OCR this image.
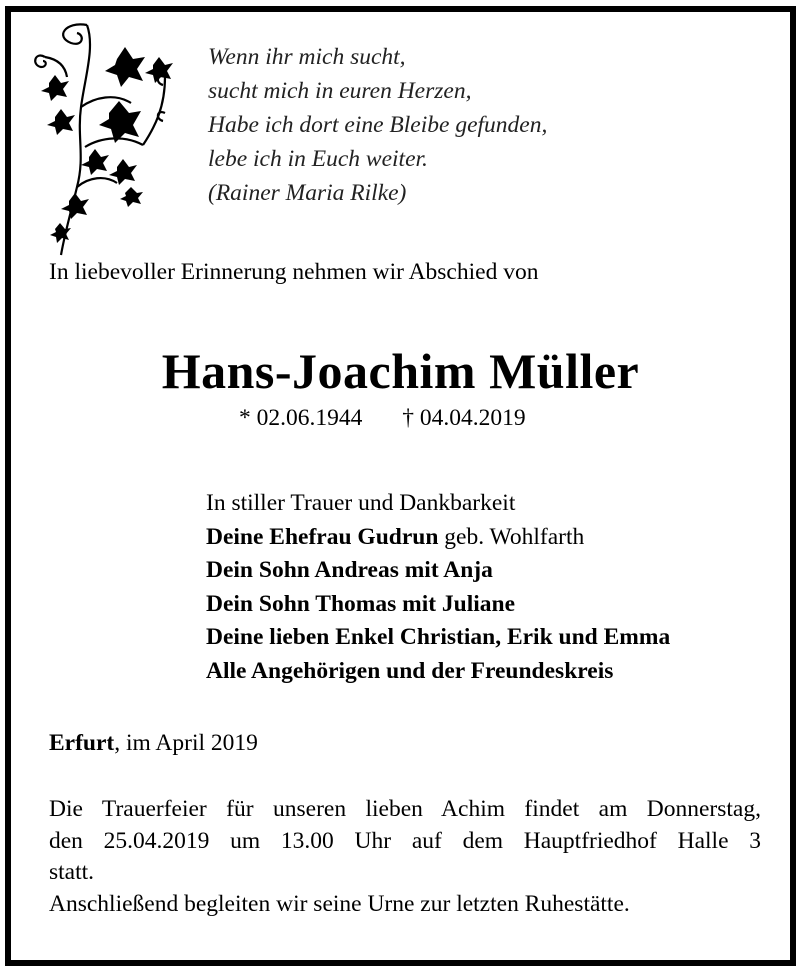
Wenn ihr mich sucht,
sucht mich in euren Herzen,
Habe ich dort eine Bleibe gefunden,
lebe ich in Euch weiter.
(Rainer Maria Rilke)
In liebevoller Erinnerung nehmen wir Abschied von
Hans-Joachim Müller
* 02.06.1944 † 04.04.2019
In stiller Trauer und Dankbarkeit
Deine Ehefrau Gudrun geb. Wohlfarth
Dein Sohn Andreas mit Anja
Dein Sohn Thomas mit Juliane
Deine lieben Enkel Christian, Erik und Emma
Alle Angehörigen und der Freundeskreis
Erfurt, im April 2019
Die Trauerfeier für unseren lieben Achim findet am Donnerstag,
den 25.04.2019 um 13.00 Uhr auf dem Hauptfriedhof Halle 3
statt.
Anschließend begleiten wir seine Urne zur letzten Ruhestätte.
